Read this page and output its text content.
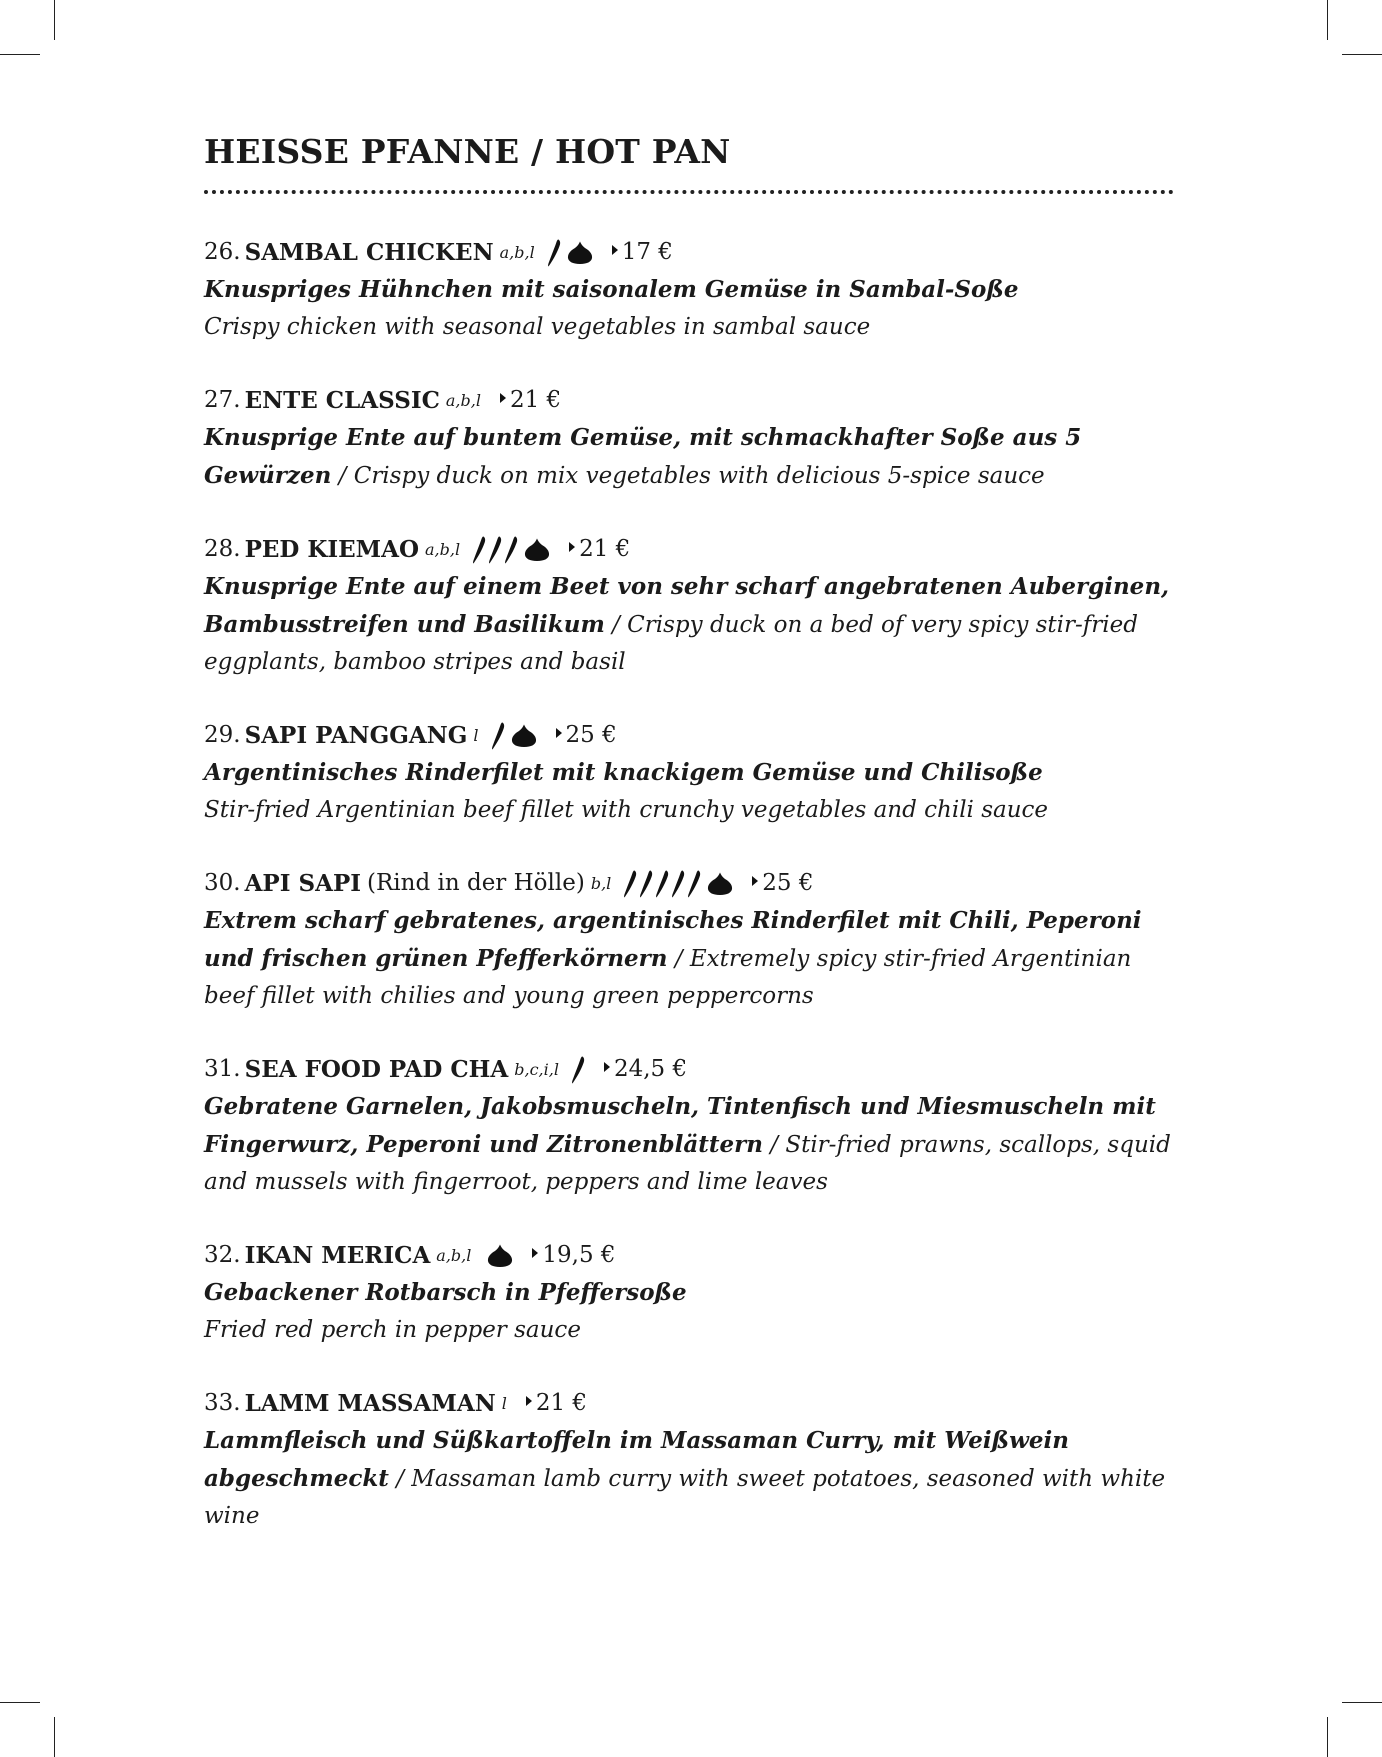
HEISSE PFANNE / HOT PAN
26. SAMBAL CHICKEN a,b,l	17 €
Knuspriges Hühnchen mit saisonalem Gemüse in Sambal-Soße
Crispy chicken with seasonal vegetables in sambal sauce
27. ENTE CLASSIC a,b,l 21 €
Knusprige Ente auf buntem Gemüse, mit schmackhafter Soße aus 5 Gewürzen / Crispy duck on mix vegetables with delicious 5-spice sauce
28. PED KIEMAO a,b,l	21 €
Knusprige Ente auf einem Beet von sehr scharf angebratenen Auberginen, Bambusstreifen und Basilikum / Crispy duck on a bed of very spicy stir-fried eggplants, bamboo stripes and basil
29. SAPI PANGGANG l	25 €
Argentinisches Rinderfilet mit knackigem Gemüse und Chilisoße
Stir-fried Argentinian beef fillet with crunchy vegetables and chili sauce
30. API SAPI (Rind in der Hölle) b,l	25 €
Extrem scharf gebratenes, argentinisches Rinderfilet mit Chili, Peperoni und frischen grünen Pfefferkörnern / Extremely spicy stir-fried Argentinian beef fillet with chilies and young green peppercorns
31. SEA FOOD PAD CHA b,c,i,l 24,5 €
Gebratene Garnelen, Jakobsmuscheln, Tintenfisch und Miesmuscheln mit Fingerwurz, Peperoni und Zitronenblättern / Stir-fried prawns, scallops, squid and mussels with fingerroot, peppers and lime leaves
32. IKAN MERICA a,b,l	19,5 €
Gebackener Rotbarsch in Pfeffersoße
Fried red perch in pepper sauce
33. LAMM MASSAMAN l 21 €
Lammfleisch und Süßkartoffeln im Massaman Curry, mit Weißwein abgeschmeckt / Massaman lamb curry with sweet potatoes, seasoned with white wine
